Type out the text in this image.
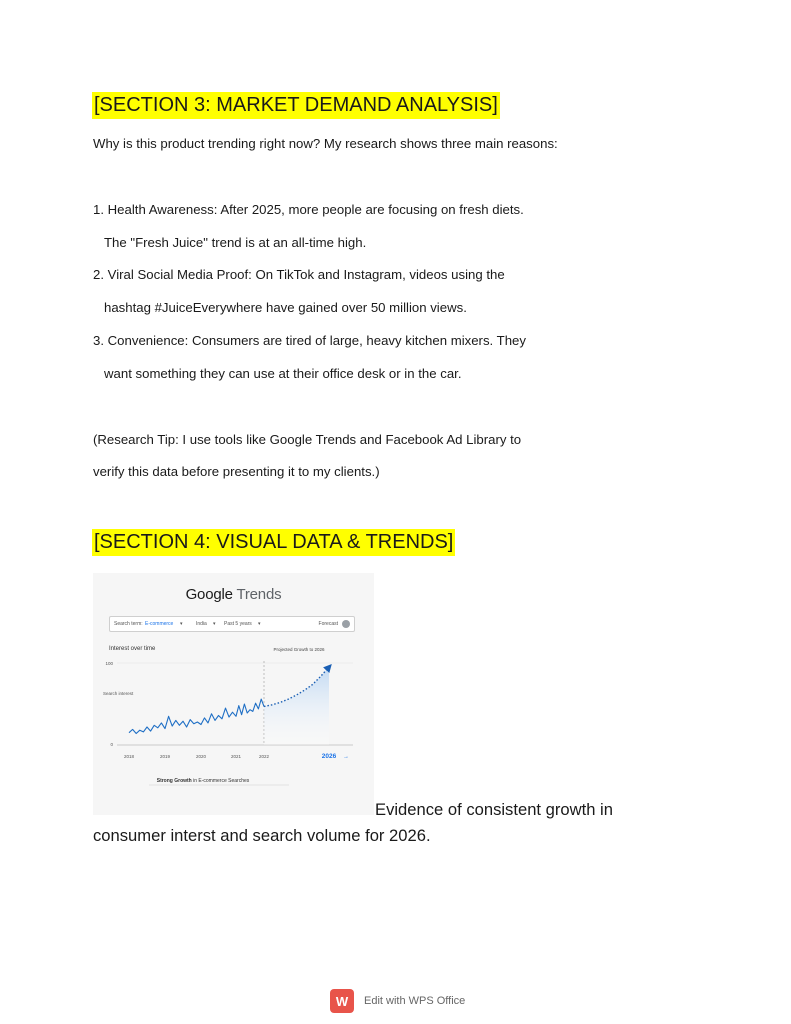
[SECTION 3: MARKET DEMAND ANALYSIS]
Why is this product trending right now? My research shows three main reasons:
1. Health Awareness: After 2025, more people are focusing on fresh diets.
The "Fresh Juice" trend is at an all-time high.
2. Viral Social Media Proof: On TikTok and Instagram, videos using the
hashtag #JuiceEverywhere have gained over 50 million views.
3. Convenience: Consumers are tired of large, heavy kitchen mixers. They
want something they can use at their office desk or in the car.
(Research Tip: I use tools like Google Trends and Facebook Ad Library to
verify this data before presenting it to my clients.)
[SECTION 4: VISUAL DATA & TRENDS]
Google Trends
Search term: E-commerce ▾	India ▾ Past 5 years ▾	Forecast
Interest over time
Search interest
100
0
Projected Growth to 2026
Strong Growth in E-commerce Searches
2018	2019	2020	2021	2022	2026 →
Evidence of consistent growth in
consumer interst and search volume for 2026.
W	Edit with WPS Office
